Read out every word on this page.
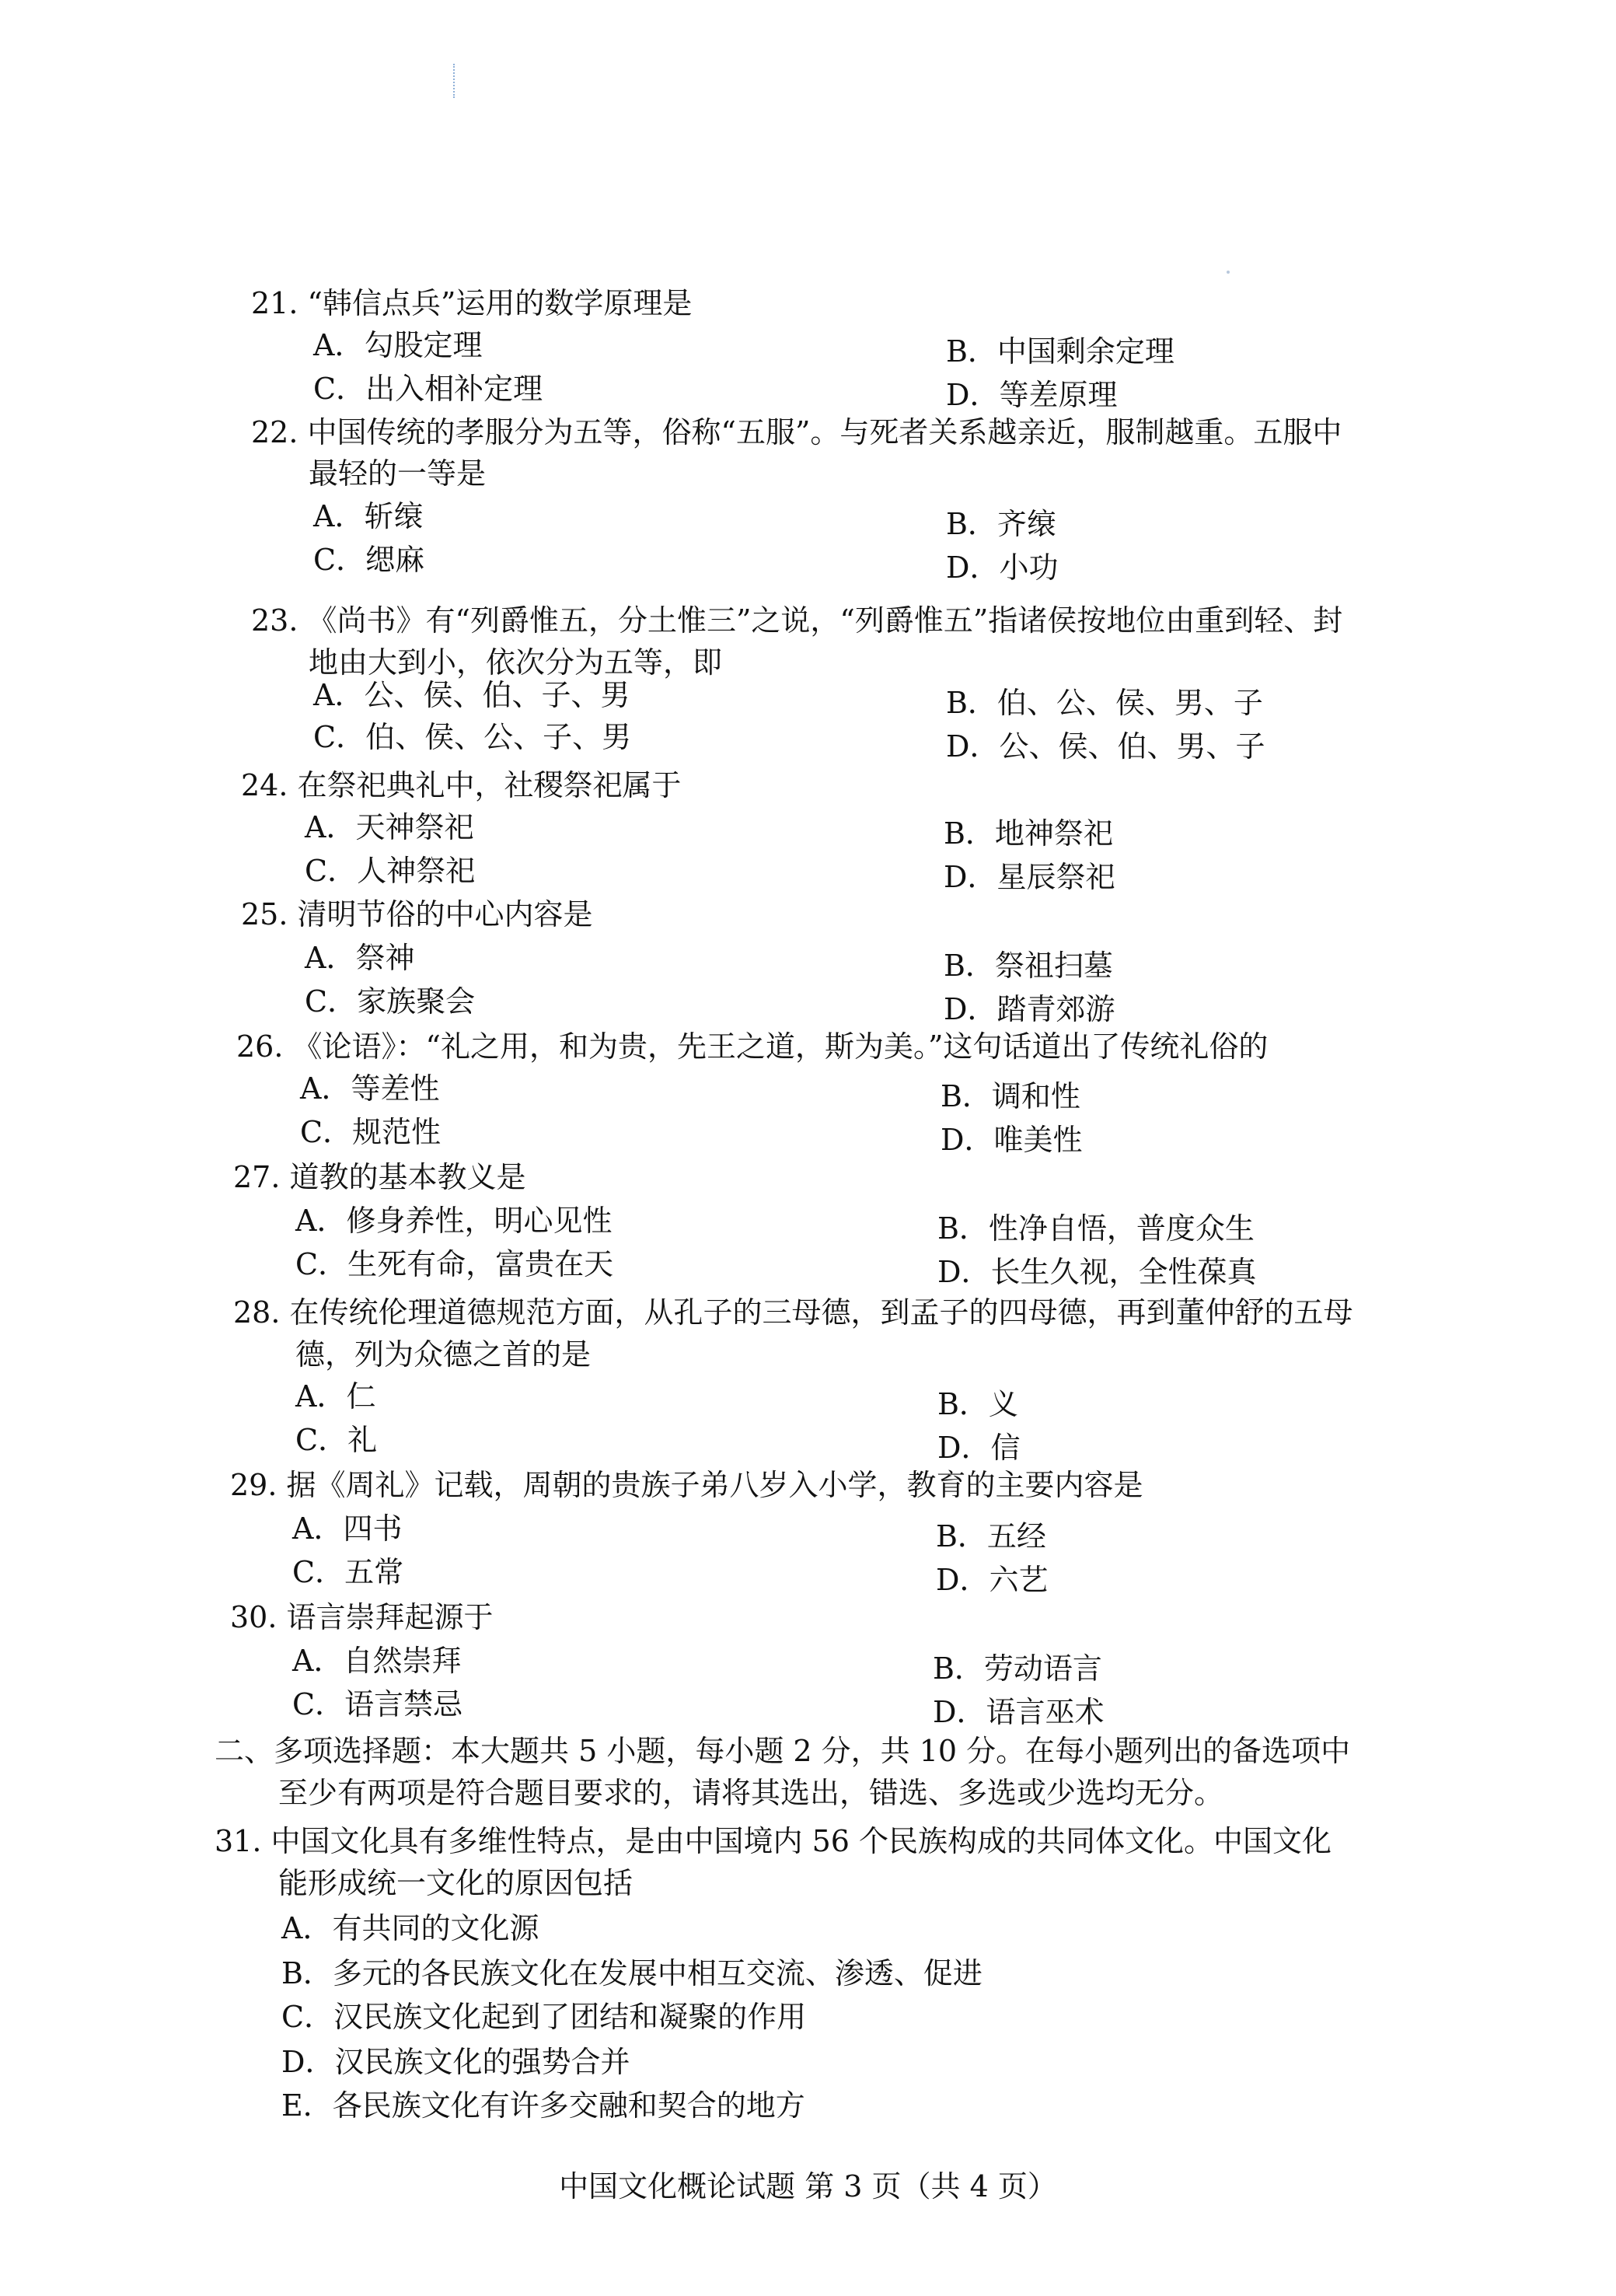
21. “韩信点兵”运用的数学原理是
A．勾股定理	B．中国剩余定理
C．出入相补定理	D．等差原理
22. 中国传统的孝服分为五等，俗称“五服”。与死者关系越亲近，服制越重。五服中
最轻的一等是
A．斩缞	B．齐缞
C．缌麻	D．小功
23. 《尚书》有“列爵惟五，分土惟三”之说，“列爵惟五”指诸侯按地位由重到轻、封
地由大到小，依次分为五等，即
A．公、侯、伯、子、男	B．伯、公、侯、男、子
C．伯、侯、公、子、男	D．公、侯、伯、男、子
24. 在祭祀典礼中，社稷祭祀属于
A．天神祭祀	B．地神祭祀
C．人神祭祀	D．星辰祭祀
25. 清明节俗的中心内容是
A．祭神	B．祭祖扫墓
C．家族聚会	D．踏青郊游
26. 《论语》：“礼之用，和为贵，先王之道，斯为美。”这句话道出了传统礼俗的
A．等差性	B．调和性
C．规范性	D．唯美性
27. 道教的基本教义是
A．修身养性，明心见性	B．性净自悟，普度众生
C．生死有命，富贵在天	D．长生久视，全性葆真
28. 在传统伦理道德规范方面，从孔子的三母德，到孟子的四母德，再到董仲舒的五母
德，列为众德之首的是
A．仁	B．义
C．礼	D．信
29. 据《周礼》记载，周朝的贵族子弟八岁入小学，教育的主要内容是
A．四书	B．五经
C．五常	D．六艺
30. 语言崇拜起源于
A．自然崇拜	B．劳动语言
C．语言禁忌	D．语言巫术
二、多项选择题：本大题共 5 小题，每小题 2 分，共 10 分。在每小题列出的备选项中
至少有两项是符合题目要求的，请将其选出，错选、多选或少选均无分。
31. 中国文化具有多维性特点，是由中国境内 56 个民族构成的共同体文化。中国文化
能形成统一文化的原因包括
A．有共同的文化源
B．多元的各民族文化在发展中相互交流、渗透、促进
C．汉民族文化起到了团结和凝聚的作用
D．汉民族文化的强势合并
E．各民族文化有许多交融和契合的地方
中国文化概论试题 第 3 页（共 4 页）
